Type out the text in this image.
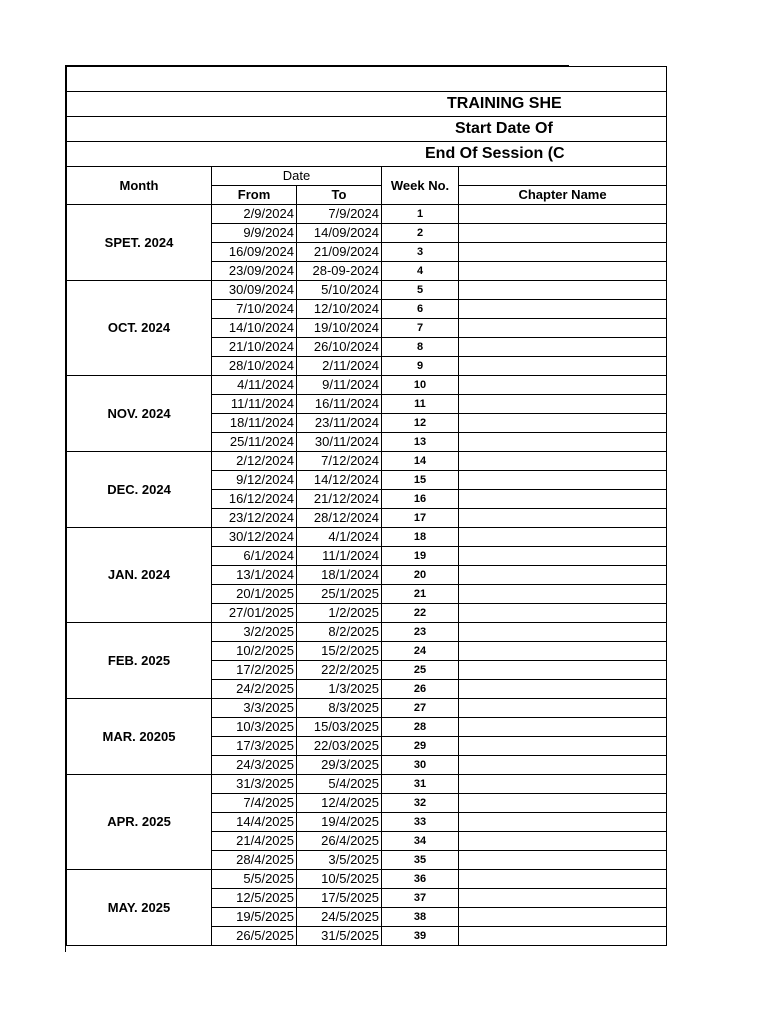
TRAINING SHE				

Start Date Of				

End Of Session (C				

Month	Date		Week No.	
	From	To		Chapter Name
SPET. 2024	2/9/2024	7/9/2024	1	
	9/9/2024	14/09/2024	2	
	16/09/2024	21/09/2024	3	
	23/09/2024	28-09-2024	4	
OCT. 2024	30/09/2024	5/10/2024	5	
	7/10/2024	12/10/2024	6	
	14/10/2024	19/10/2024	7	
	21/10/2024	26/10/2024	8	
	28/10/2024	2/11/2024	9	
NOV. 2024	4/11/2024	9/11/2024	10	
	11/11/2024	16/11/2024	11	
	18/11/2024	23/11/2024	12	
	25/11/2024	30/11/2024	13	
DEC. 2024	2/12/2024	7/12/2024	14	
	9/12/2024	14/12/2024	15	
	16/12/2024	21/12/2024	16	
	23/12/2024	28/12/2024	17	
JAN. 2024	30/12/2024	4/1/2024	18	
	6/1/2024	11/1/2024	19	
	13/1/2024	18/1/2024	20	
	20/1/2025	25/1/2025	21	
	27/01/2025	1/2/2025	22	
FEB. 2025	3/2/2025	8/2/2025	23	
	10/2/2025	15/2/2025	24	
	17/2/2025	22/2/2025	25	
	24/2/2025	1/3/2025	26	
MAR. 20205	3/3/2025	8/3/2025	27	
	10/3/2025	15/03/2025	28	
	17/3/2025	22/03/2025	29	
	24/3/2025	29/3/2025	30	
APR. 2025	31/3/2025	5/4/2025	31	
	7/4/2025	12/4/2025	32	
	14/4/2025	19/4/2025	33	
	21/4/2025	26/4/2025	34	
	28/4/2025	3/5/2025	35	
MAY. 2025	5/5/2025	10/5/2025	36	
	12/5/2025	17/5/2025	37	
	19/5/2025	24/5/2025	38	
	26/5/2025	31/5/2025	39	
